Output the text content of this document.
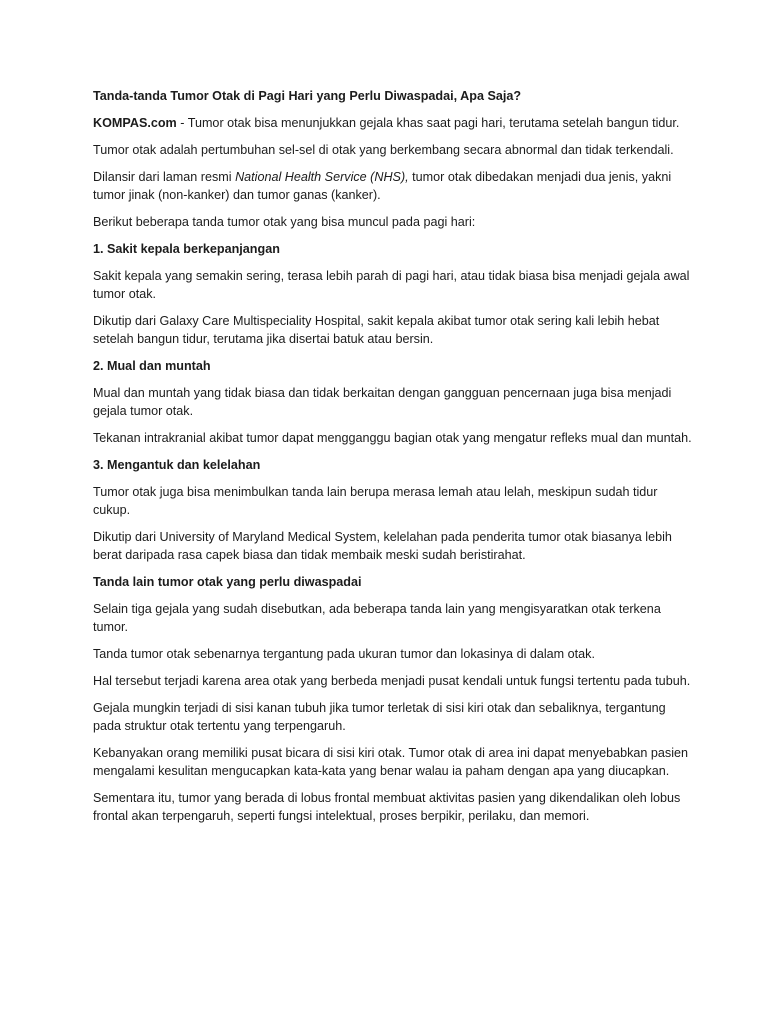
Tanda-tanda Tumor Otak di Pagi Hari yang Perlu Diwaspadai, Apa Saja?

KOMPAS.com - Tumor otak bisa menunjukkan gejala khas saat pagi hari, terutama setelah bangun tidur.

Tumor otak adalah pertumbuhan sel-sel di otak yang berkembang secara abnormal dan tidak terkendali.

Dilansir dari laman resmi National Health Service (NHS), tumor otak dibedakan menjadi dua jenis, yakni tumor jinak (non-kanker) dan tumor ganas (kanker).

Berikut beberapa tanda tumor otak yang bisa muncul pada pagi hari:

1. Sakit kepala berkepanjangan

Sakit kepala yang semakin sering, terasa lebih parah di pagi hari, atau tidak biasa bisa menjadi gejala awal tumor otak.

Dikutip dari Galaxy Care Multispeciality Hospital, sakit kepala akibat tumor otak sering kali lebih hebat setelah bangun tidur, terutama jika disertai batuk atau bersin.

2. Mual dan muntah

Mual dan muntah yang tidak biasa dan tidak berkaitan dengan gangguan pencernaan juga bisa menjadi gejala tumor otak.

Tekanan intrakranial akibat tumor dapat mengganggu bagian otak yang mengatur refleks mual dan muntah.

3. Mengantuk dan kelelahan

Tumor otak juga bisa menimbulkan tanda lain berupa merasa lemah atau lelah, meskipun sudah tidur cukup.

Dikutip dari University of Maryland Medical System, kelelahan pada penderita tumor otak biasanya lebih berat daripada rasa capek biasa dan tidak membaik meski sudah beristirahat.

Tanda lain tumor otak yang perlu diwaspadai

Selain tiga gejala yang sudah disebutkan, ada beberapa tanda lain yang mengisyaratkan otak terkena tumor.

Tanda tumor otak sebenarnya tergantung pada ukuran tumor dan lokasinya di dalam otak.

Hal tersebut terjadi karena area otak yang berbeda menjadi pusat kendali untuk fungsi tertentu pada tubuh.

Gejala mungkin terjadi di sisi kanan tubuh jika tumor terletak di sisi kiri otak dan sebaliknya, tergantung pada struktur otak tertentu yang terpengaruh.

Kebanyakan orang memiliki pusat bicara di sisi kiri otak. Tumor otak di area ini dapat menyebabkan pasien mengalami kesulitan mengucapkan kata-kata yang benar walau ia paham dengan apa yang diucapkan.

Sementara itu, tumor yang berada di lobus frontal membuat aktivitas pasien yang dikendalikan oleh lobus frontal akan terpengaruh, seperti fungsi intelektual, proses berpikir, perilaku, dan memori.
